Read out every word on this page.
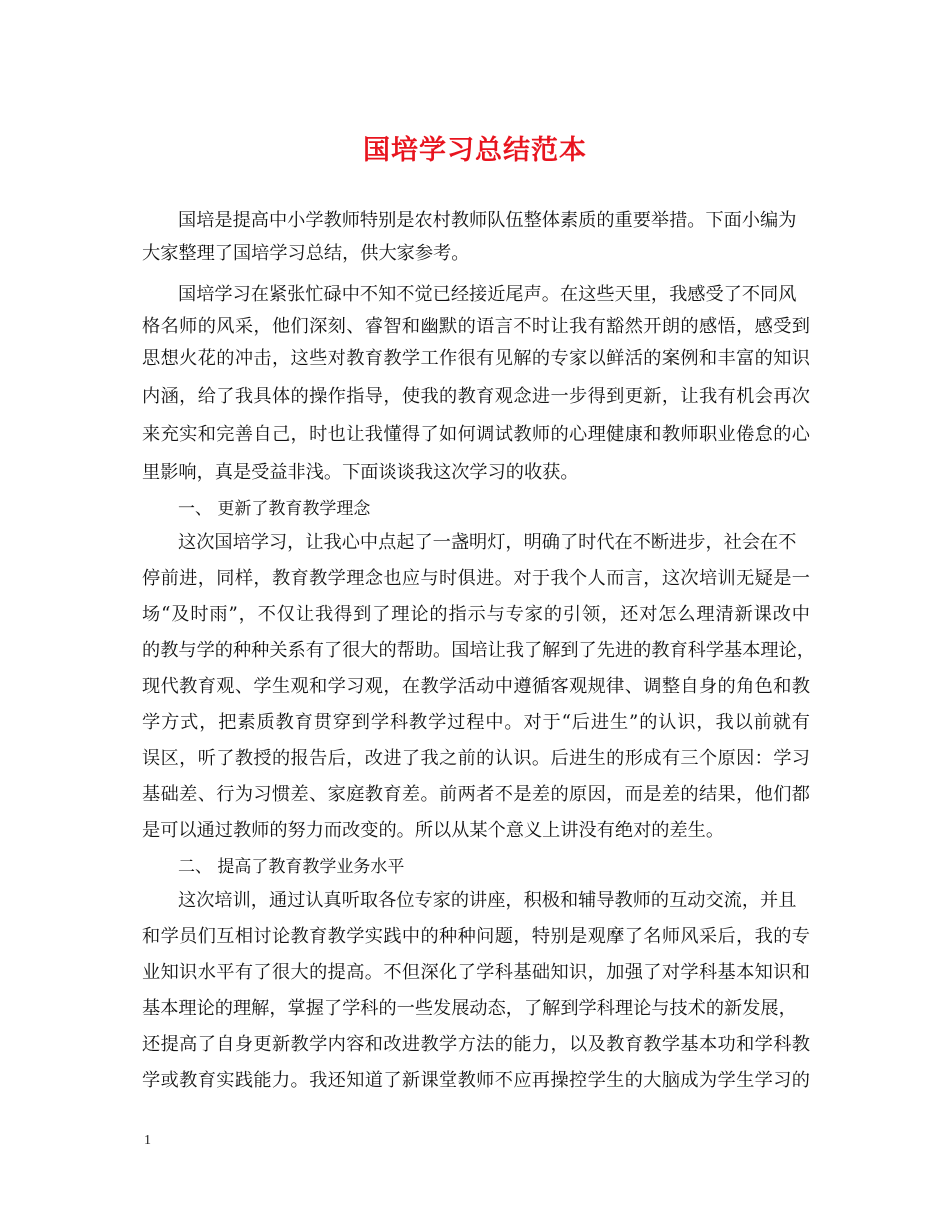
国培学习总结范本
国培是提高中小学教师特别是农村教师队伍整体素质的重要举措。下面小编为
大家整理了国培学习总结，供大家参考。
国培学习在紧张忙碌中不知不觉已经接近尾声。在这些天里，我感受了不同风
格名师的风采，他们深刻、睿智和幽默的语言不时让我有豁然开朗的感悟，感受到
思想火花的冲击，这些对教育教学工作很有见解的专家以鲜活的案例和丰富的知识
内涵，给了我具体的操作指导，使我的教育观念进一步得到更新，让我有机会再次
来充实和完善自己，时也让我懂得了如何调试教师的心理健康和教师职业倦怠的心
里影响，真是受益非浅。下面谈谈我这次学习的收获。
一、 更新了教育教学理念
这次国培学习，让我心中点起了一盏明灯，明确了时代在不断进步，社会在不
停前进，同样，教育教学理念也应与时俱进。对于我个人而言，这次培训无疑是一
场“及时雨”，不仅让我得到了理论的指示与专家的引领，还对怎么理清新课改中
的教与学的种种关系有了很大的帮助。国培让我了解到了先进的教育科学基本理论，
现代教育观、学生观和学习观，在教学活动中遵循客观规律、调整自身的角色和教
学方式，把素质教育贯穿到学科教学过程中。对于“后进生”的认识，我以前就有
误区，听了教授的报告后，改进了我之前的认识。后进生的形成有三个原因：学习
基础差、行为习惯差、家庭教育差。前两者不是差的原因，而是差的结果，他们都
是可以通过教师的努力而改变的。所以从某个意义上讲没有绝对的差生。
二、 提高了教育教学业务水平
这次培训，通过认真听取各位专家的讲座，积极和辅导教师的互动交流，并且
和学员们互相讨论教育教学实践中的种种问题，特别是观摩了名师风采后，我的专
业知识水平有了很大的提高。不但深化了学科基础知识，加强了对学科基本知识和
基本理论的理解，掌握了学科的一些发展动态，了解到学科理论与技术的新发展，
还提高了自身更新教学内容和改进教学方法的能力，以及教育教学基本功和学科教
学或教育实践能力。我还知道了新课堂教师不应再操控学生的大脑成为学生学习的
1
